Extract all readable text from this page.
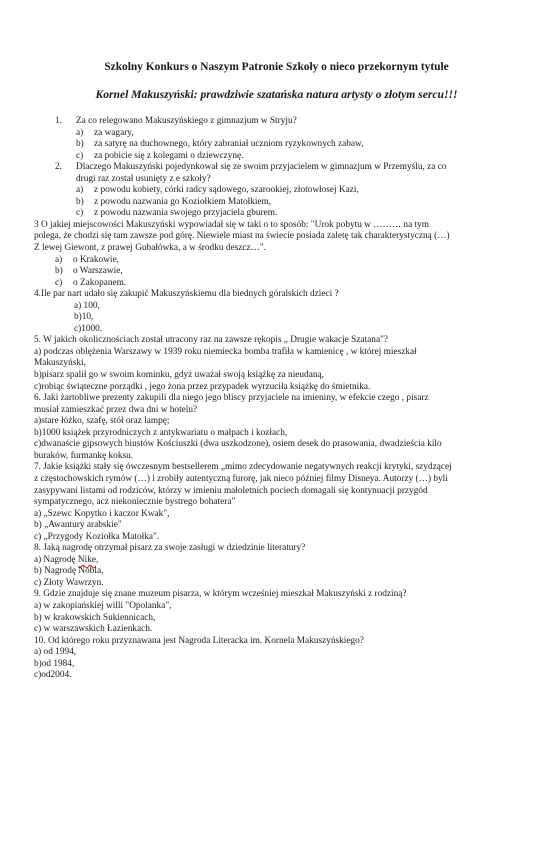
Szkolny Konkurs o Naszym Patronie Szkoły o nieco przekornym tytule
Kornel Makuszyński: prawdziwie szatańska natura artysty o złotym sercu!!!
1. Za co relegowano Makuszyńskiego z gimnazjum w Stryju?
a) za wagary,
b) za satyrę na duchownego, który zabraniał uczniom ryzykownych zabaw,
c) za pobicie się z kolegami o dziewczynę.
2. Dlaczego Makuszyński pojedynkował się ze swoim przyjacielem w gimnazjum w Przemyślu, za co
drugi raz został usunięty z e szkoły?
a) z powodu kobiety, córki radcy sądowego, szarookiej, złotowłosej Kazi,
b) z powodu nazwania go Koziołkiem Matołkiem,
c) z powodu nazwania swojego przyjaciela gburem.
3 O jakiej miejscowości Makuszyński wypowiadał się w taki o to sposób: "Urok pobytu w ……… na tym
polega, że chodzi się tam zawsze pod górę. Niewiele miast na świecie posiada zaletę tak charakterystyczną (…)
Z lewej Giewont, z prawej Gubałówka, a w środku deszcz…".
a) o Krakowie,
b) o Warszawie,
c) o Zakopanem.
4.Ile par nart udało się zakupić Makuszyńskiemu dla biednych góralskich dzieci ?
a) 100,
b)10,
c)1000.
5. W jakich okolicznościach został utracony raz na zawsze rękopis „ Drugie wakacje Szatana"?
a) podczas oblężenia Warszawy w 1939 roku niemiecka bomba trafiła w kamienicę , w której mieszkał
Makuszyński,
b)pisarz spalił go w swoim kominku, gdyż uważał swoją książkę za nieudaną,
c)robiąc świąteczne porządki , jego żona przez przypadek wyrzuciła książkę do śmietnika.
6. Jaki żartobliwe prezenty zakupili dla niego jego bliscy przyjaciele na imieniny, w efekcie czego , pisarz
musiał zamieszkać przez dwa dni w hotelu?
a)stare łóżko, szafę, stół oraz lampę;
b)1000 książek przyrodniczych z antykwariatu o małpach i kozłach,
c)dwanaście gipsowych biustów Kościuszki (dwa uszkodzone), osiem desek do prasowania, dwadzieścia kilo
buraków, furmankę koksu.
7. Jakie książki stały się ówczesnym bestsellerem „mimo zdecydowanie negatywnych reakcji krytyki, szydzącej
z częstochowskich rymów (…) i zrobiły autentyczną furorę, jak nieco później filmy Disneya. Autorzy (…) byli
zasypywani listami od rodziców, którzy w imieniu małoletnich pociech domagali się kontynuacji przygód
sympatycznego, acz niekoniecznie bystrego bohatera"
a) „Szewc Kopytko i kaczor Kwak",
b) „Awantury arabskie"
c) „Przygody Koziołka Matołka".
8. Jaką nagrodę otrzymał pisarz za swoje zasługi w dziedzinie literatury?
a) Nagrodę Nike,
b) Nagrodę Nobla,
c) Złoty Wawrzyn.
9. Gdzie znajduje się znane muzeum pisarza, w którym wcześniej mieszkał Makuszyński z rodziną?
a) w zakopiańskiej willi "Opolanka",
b) w krakowskich Sukiennicach,
c) w warszawskich Łazienkach.
10. Od którego roku przyznawana jest Nagroda Literacka im. Kornela Makuszyńskiego?
a) od 1994,
b)od 1984,
c)od2004.
